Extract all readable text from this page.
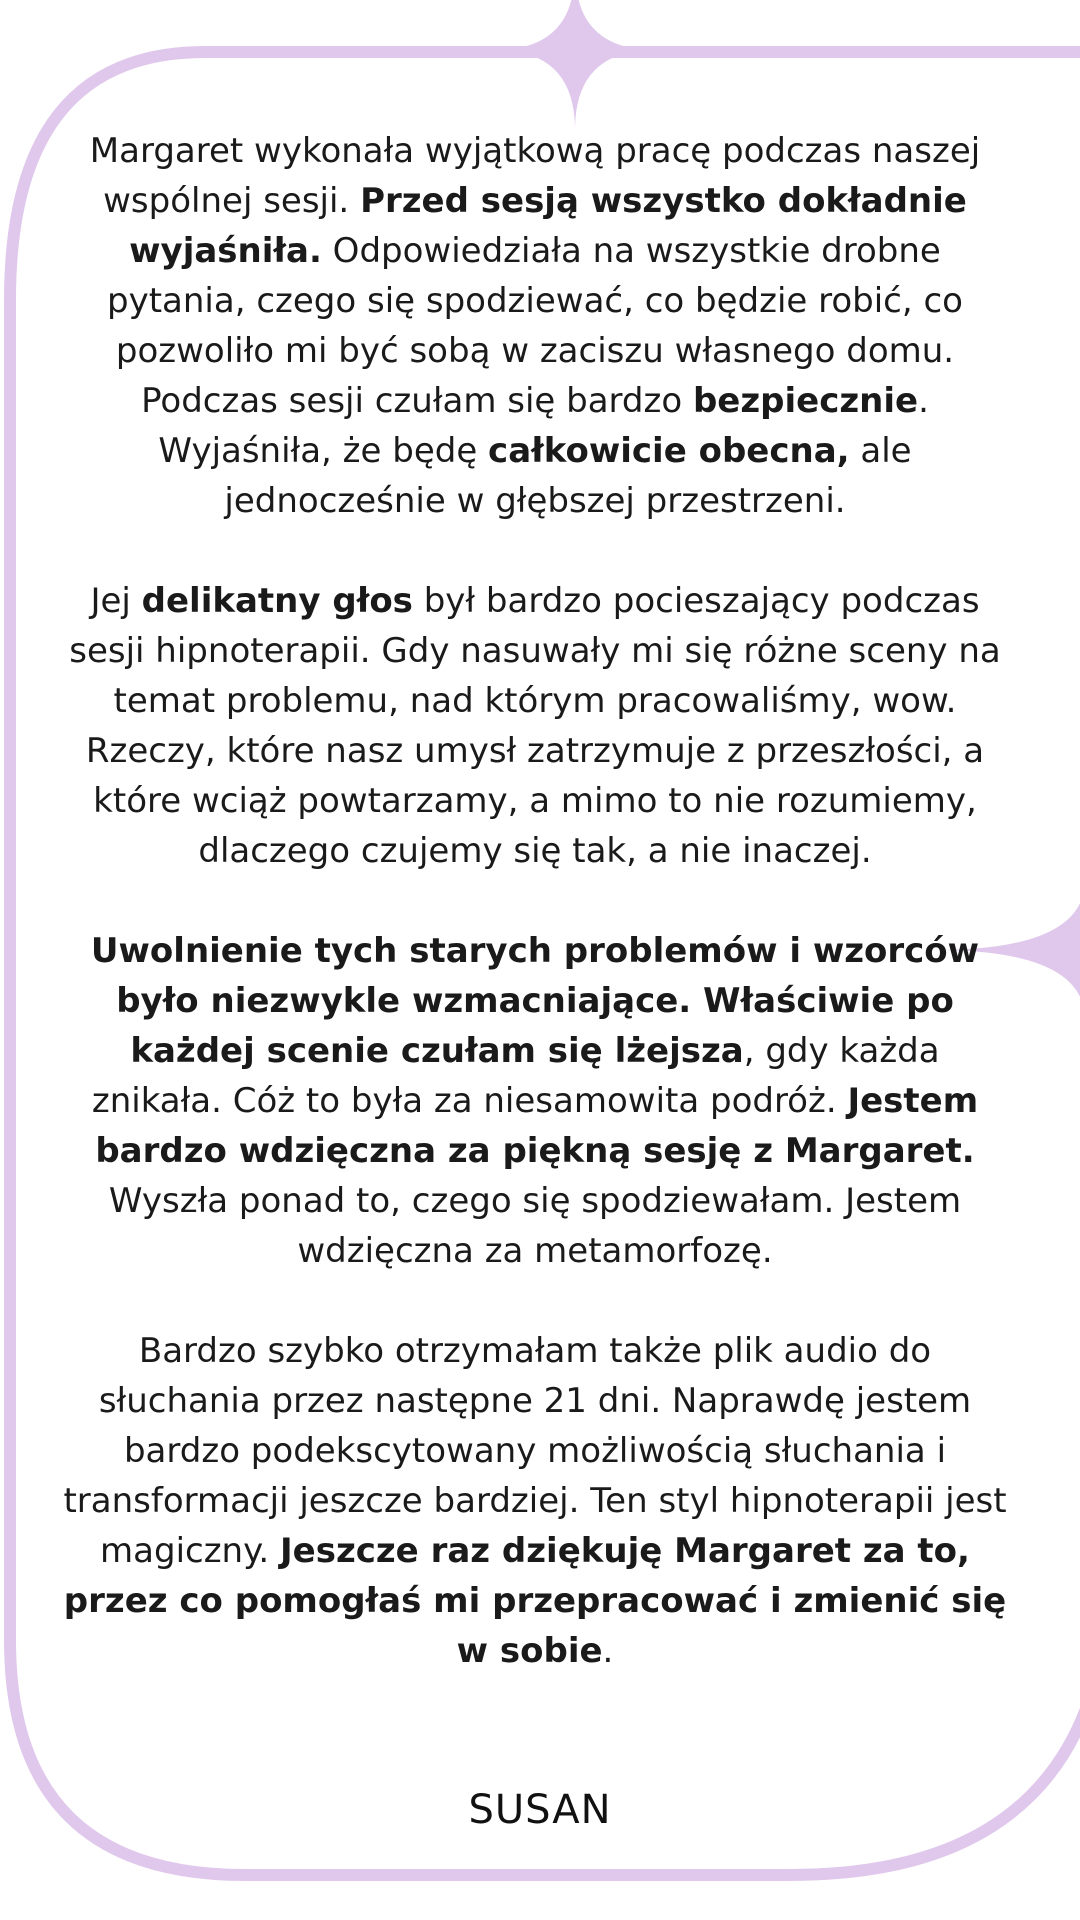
Margaret wykonała wyjątkową pracę podczas naszej wspólnej sesji. Przed sesją wszystko dokładnie wyjaśniła. Odpowiedziała na wszystkie drobne pytania, czego się spodziewać, co będzie robić, co pozwoliło mi być sobą w zaciszu własnego domu. Podczas sesji czułam się bardzo bezpiecznie. Wyjaśniła, że będę całkowicie obecna, ale jednocześnie w głębszej przestrzeni.

Jej delikatny głos był bardzo pocieszający podczas sesji hipnoterapii. Gdy nasuwały mi się różne sceny na temat problemu, nad którym pracowaliśmy, wow. Rzeczy, które nasz umysł zatrzymuje z przeszłości, a które wciąż powtarzamy, a mimo to nie rozumiemy, dlaczego czujemy się tak, a nie inaczej.

Uwolnienie tych starych problemów i wzorców było niezwykle wzmacniające. Właściwie po każdej scenie czułam się lżejsza, gdy każda znikała. Cóż to była za niesamowita podróż. Jestem bardzo wdzięczna za piękną sesję z Margaret. Wyszła ponad to, czego się spodziewałam. Jestem wdzięczna za metamorfozę.

Bardzo szybko otrzymałam także plik audio do słuchania przez następne 21 dni. Naprawdę jestem bardzo podekscytowany możliwością słuchania i transformacji jeszcze bardziej. Ten styl hipnoterapii jest magiczny. Jeszcze raz dziękuję Margaret za to, przez co pomogłaś mi przepracować i zmienić się w sobie.

SUSAN
